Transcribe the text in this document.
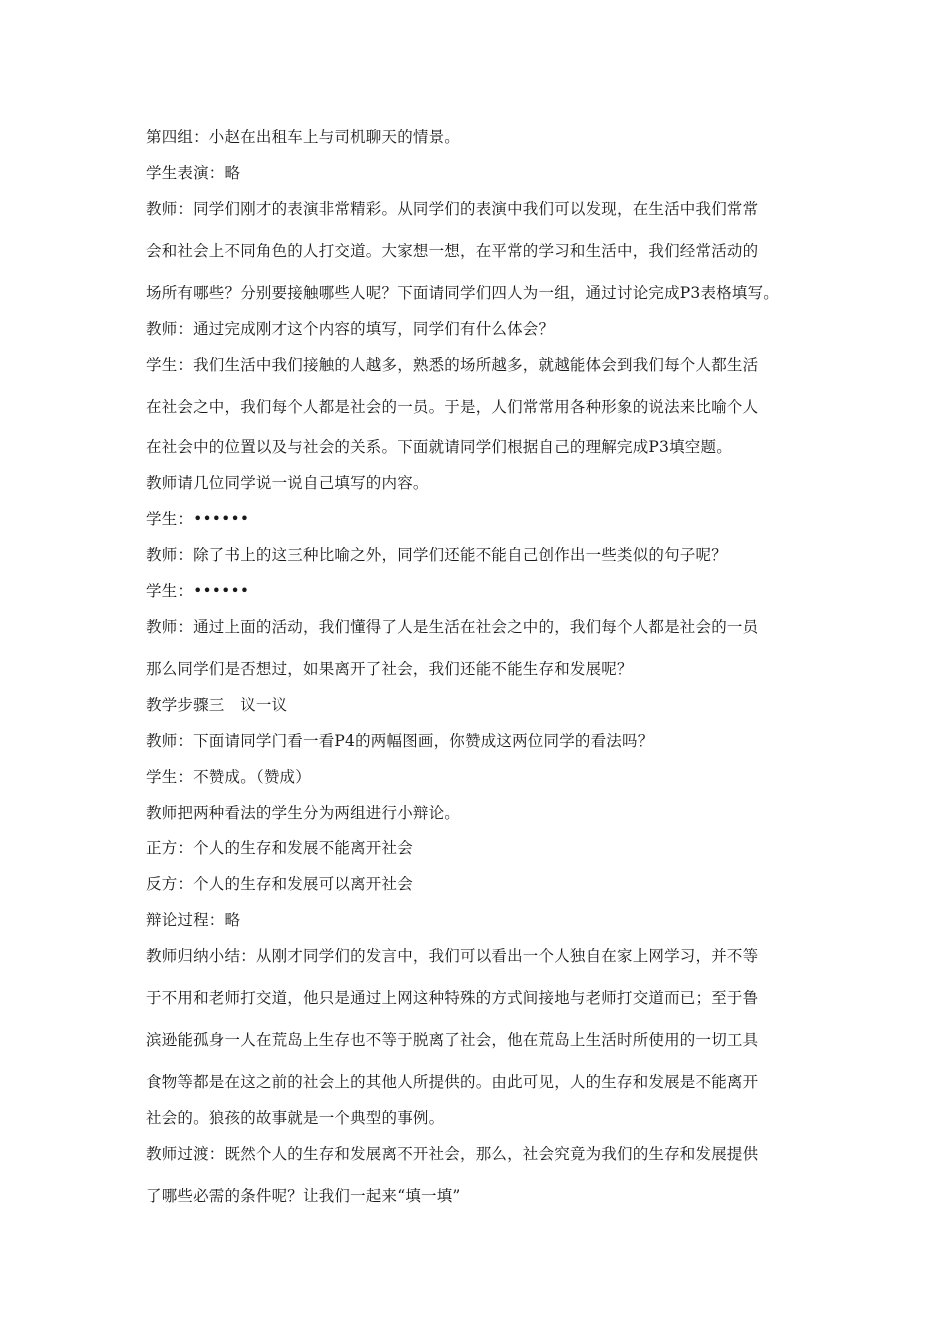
第四组：小赵在出租车上与司机聊天的情景。
学生表演：略
教师：同学们刚才的表演非常精彩。从同学们的表演中我们可以发现，在生活中我们常常
会和社会上不同角色的人打交道。大家想一想，在平常的学习和生活中，我们经常活动的
场所有哪些？分别要接触哪些人呢？下面请同学们四人为一组，通过讨论完成P3表格填写。
教师：通过完成刚才这个内容的填写，同学们有什么体会？
学生：我们生活中我们接触的人越多，熟悉的场所越多，就越能体会到我们每个人都生活
在社会之中，我们每个人都是社会的一员。于是，人们常常用各种形象的说法来比喻个人
在社会中的位置以及与社会的关系。下面就请同学们根据自己的理解完成P3填空题。
教师请几位同学说一说自己填写的内容。
学生：••••••
教师：除了书上的这三种比喻之外，同学们还能不能自己创作出一些类似的句子呢？
学生：••••••
教师：通过上面的活动，我们懂得了人是生活在社会之中的，我们每个人都是社会的一员
那么同学们是否想过，如果离开了社会，我们还能不能生存和发展呢？
教学步骤三　议一议
教师：下面请同学门看一看P4的两幅图画，你赞成这两位同学的看法吗？
学生：不赞成。（赞成）
教师把两种看法的学生分为两组进行小辩论。
正方：个人的生存和发展不能离开社会
反方：个人的生存和发展可以离开社会
辩论过程：略
教师归纳小结：从刚才同学们的发言中，我们可以看出一个人独自在家上网学习，并不等
于不用和老师打交道，他只是通过上网这种特殊的方式间接地与老师打交道而已；至于鲁
滨逊能孤身一人在荒岛上生存也不等于脱离了社会，他在荒岛上生活时所使用的一切工具
食物等都是在这之前的社会上的其他人所提供的。由此可见，人的生存和发展是不能离开
社会的。狼孩的故事就是一个典型的事例。
教师过渡：既然个人的生存和发展离不开社会，那么，社会究竟为我们的生存和发展提供
了哪些必需的条件呢？让我们一起来“填一填”
